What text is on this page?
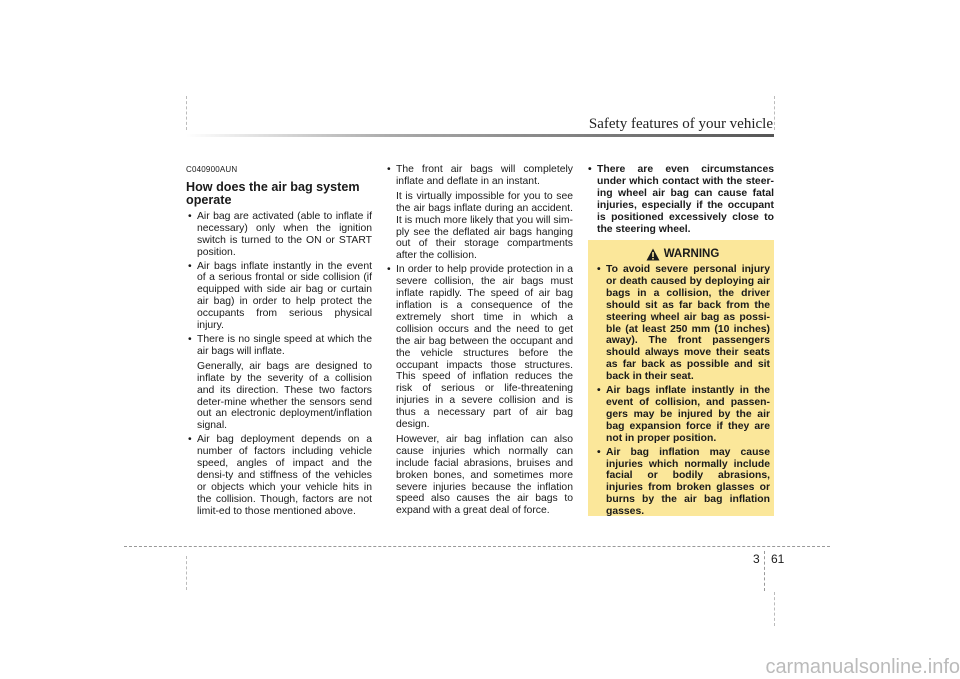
Safety features of your vehicle
C040900AUN
How does the air bag system operate
• Air bag are activated (able to inflate if necessary) only when the ignition switch is turned to the ON or START position.
• Air bags inflate instantly in the event of a serious frontal or side collision (if equipped with side air bag or curtain air bag) in order to help protect the occupants from serious physical injury.
• There is no single speed at which the air bags will inflate.
Generally, air bags are designed to inflate by the severity of a collision and its direction. These two factors deter-mine whether the sensors send out an electronic deployment/inflation signal.
• Air bag deployment depends on a number of factors including vehicle speed, angles of impact and the densi-ty and stiffness of the vehicles or objects which your vehicle hits in the collision. Though, factors are not limit-ed to those mentioned above.
• The front air bags will completely inflate and deflate in an instant.
It is virtually impossible for you to see the air bags inflate during an accident. It is much more likely that you will sim-ply see the deflated air bags hanging out of their storage compartments after the collision.
• In order to help provide protection in a severe collision, the air bags must inflate rapidly. The speed of air bag inflation is a consequence of the extremely short time in which a collision occurs and the need to get the air bag between the occupant and the vehicle structures before the occupant impacts those structures. This speed of inflation reduces the risk of serious or life-threatening injuries in a severe collision and is thus a necessary part of air bag design.
However, air bag inflation can also cause injuries which normally can include facial abrasions, bruises and broken bones, and sometimes more severe injuries because the inflation speed also causes the air bags to expand with a great deal of force.
• There are even circumstances under which contact with the steer-ing wheel air bag can cause fatal injuries, especially if the occupant is positioned excessively close to the steering wheel.
WARNING
• To avoid severe personal injury or death caused by deploying air bags in a collision, the driver should sit as far back from the steering wheel air bag as possi-ble (at least 250 mm (10 inches) away). The front passengers should always move their seats as far back as possible and sit back in their seat.
• Air bags inflate instantly in the event of collision, and passen-gers may be injured by the air bag expansion force if they are not in proper position.
• Air bag inflation may cause injuries which normally include facial or bodily abrasions, injuries from broken glasses or burns by the air bag inflation gasses.
3 61
carmanualsonline.info
